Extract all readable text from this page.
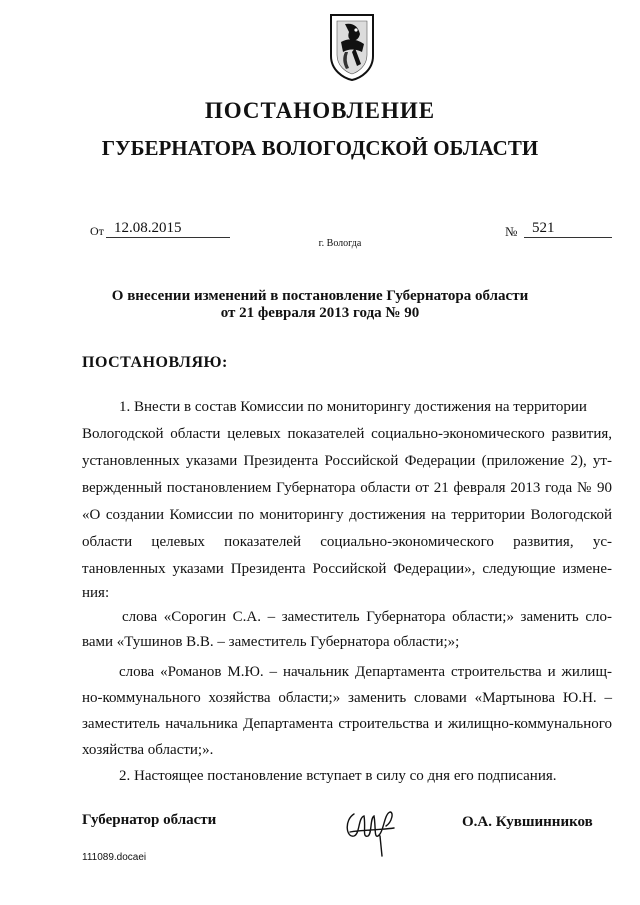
ПОСТАНОВЛЕНИЕ
ГУБЕРНАТОРА ВОЛОГОДСКОЙ ОБЛАСТИ
От 12.08.2015	№ 521
г. Вологда
О внесении изменений в постановление Губернатора области
от 21 февраля 2013 года № 90
ПОСТАНОВЛЯЮ:
1. Внести в состав Комиссии по мониторингу достижения на территории
Вологодской области целевых показателей социально-экономического развития,
установленных указами Президента Российской Федерации (приложение 2), ут-
вержденный постановлением Губернатора области от 21 февраля 2013 года № 90
«О создании Комиссии по мониторингу достижения на территории Вологодской
области целевых показателей социально-экономического развития, ус-
тановленных указами Президента Российской Федерации», следующие измене-
ния:
слова «Сорогин С.А. – заместитель Губернатора области;» заменить сло-
вами «Тушинов В.В. – заместитель Губернатора области;»;
слова «Романов М.Ю. – начальник Департамента строительства и жилищ-
но-коммунального хозяйства области;» заменить словами «Мартынова Ю.Н. –
заместитель начальника Департамента строительства и жилищно-коммунального
хозяйства области;».
2. Настоящее постановление вступает в силу со дня его подписания.
Губернатор области	О.А. Кувшинников
111089.docaei
